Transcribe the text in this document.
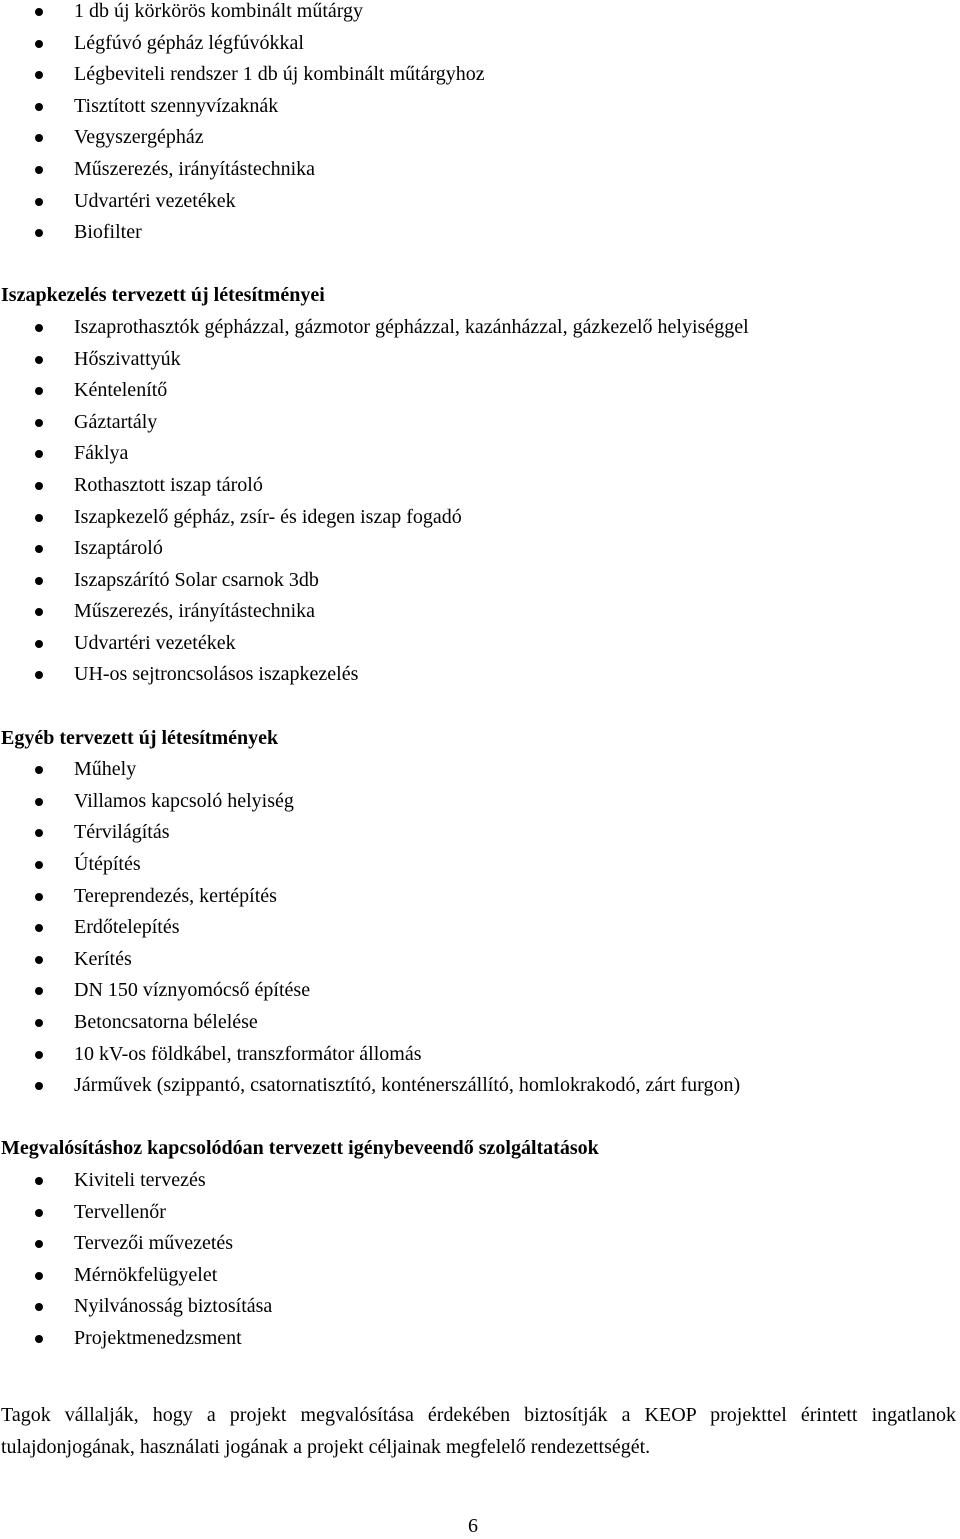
1 db új körkörös kombinált műtárgy
Légfúvó gépház légfúvókkal
Légbeviteli rendszer 1 db új kombinált műtárgyhoz
Tisztított szennyvízaknák
Vegyszergépház
Műszerezés, irányítástechnika
Udvartéri vezetékek
Biofilter
Iszapkezelés tervezett új létesítményei
Iszaprothasztók gépházzal, gázmotor gépházzal, kazánházzal, gázkezelő helyiséggel
Hőszivattyúk
Kéntelenítő
Gáztartály
Fáklya
Rothasztott iszap tároló
Iszapkezelő gépház, zsír- és idegen iszap fogadó
Iszaptároló
Iszapszárító Solar csarnok 3db
Műszerezés, irányítástechnika
Udvartéri vezetékek
UH-os sejtroncsolásos iszapkezelés
Egyéb tervezett új létesítmények
Műhely
Villamos kapcsoló helyiség
Térvilágítás
Útépítés
Tereprendezés, kertépítés
Erdőtelepítés
Kerítés
DN 150 víznyomócső építése
Betoncsatorna bélelése
10 kV-os földkábel, transzformátor állomás
Járművek (szippantó, csatornatisztító, konténerszállító, homlokrakodó, zárt furgon)
Megvalósításhoz kapcsolódóan tervezett igénybeveendő szolgáltatások
Kiviteli tervezés
Tervellenőr
Tervezői művezetés
Mérnökfelügyelet
Nyilvánosság biztosítása
Projektmenedzsment

Tagok vállalják, hogy a projekt megvalósítása érdekében biztosítják a KEOP projekttel érintett ingatlanok tulajdonjogának, használati jogának a projekt céljainak megfelelő rendezettségét.

6
